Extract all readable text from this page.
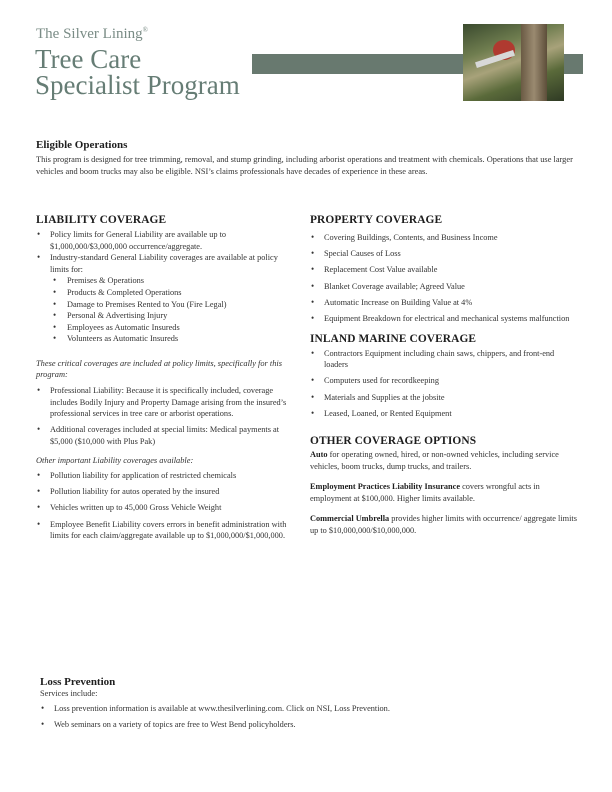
The Silver Lining®
Tree Care
Specialist Program

Eligible Operations

This program is designed for tree trimming, removal, and stump grinding, including arborist operations and treatment with chemicals. Operations that use larger vehicles and boom trucks may also be eligible. NSI’s claims professionals have decades of experience in these areas.

LIABILITY COVERAGE
• Policy limits for General Liability are available up to $1,000,000/$3,000,000 occurrence/aggregate.
• Industry-standard General Liability coverages are available at policy limits for:
• Premises & Operations
• Products & Completed Operations
• Damage to Premises Rented to You (Fire Legal)
• Personal & Advertising Injury
• Employees as Automatic Insureds
• Volunteers as Automatic Insureds

These critical coverages are included at policy limits, specifically for this program:

• Professional Liability: Because it is specifically included, coverage includes Bodily Injury and Property Damage arising from the insured’s professional services in tree care or arborist operations.
• Additional coverages included at special limits: Medical payments at $5,000 ($10,000 with Plus Pak)

Other important Liability coverages available:

• Pollution liability for application of restricted chemicals
• Pollution liability for autos operated by the insured
• Vehicles written up to 45,000 Gross Vehicle Weight
• Employee Benefit Liability covers errors in benefit administration with limits for each claim/aggregate available up to $1,000,000/$1,000,000.
PROPERTY COVERAGE
• Covering Buildings, Contents, and Business Income
• Special Causes of Loss
• Replacement Cost Value available
• Blanket Coverage available; Agreed Value
• Automatic Increase on Building Value at 4%
• Equipment Breakdown for electrical and mechanical systems malfunction
INLAND MARINE COVERAGE
• Contractors Equipment including chain saws, chippers, and front-end loaders
• Computers used for recordkeeping
• Materials and Supplies at the jobsite
• Leased, Loaned, or Rented Equipment
OTHER COVERAGE OPTIONS

Auto for operating owned, hired, or non-owned vehicles, including service vehicles, boom trucks, dump trucks, and trailers.

Employment Practices Liability Insurance covers wrongful acts in employment at $100,000. Higher limits available.

Commercial Umbrella provides higher limits with occurrence/ aggregate limits up to $10,000,000/$10,000,000.

Loss Prevention

Services include:

• Loss prevention information is available at www.thesilverlining.com. Click on NSI, Loss Prevention.
• Web seminars on a variety of topics are free to West Bend policyholders.
